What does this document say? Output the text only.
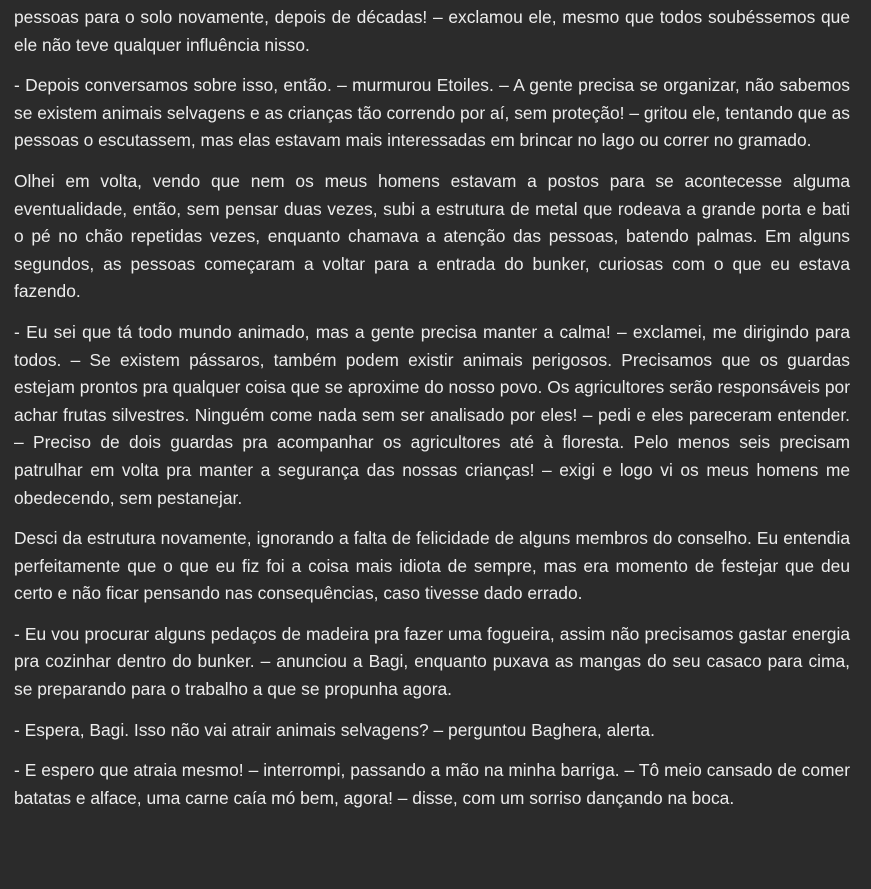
pessoas para o solo novamente, depois de décadas! – exclamou ele, mesmo que todos soubéssemos que ele não teve qualquer influência nisso.

- Depois conversamos sobre isso, então. – murmurou Etoiles. – A gente precisa se organizar, não sabemos se existem animais selvagens e as crianças tão correndo por aí, sem proteção! – gritou ele, tentando que as pessoas o escutassem, mas elas estavam mais interessadas em brincar no lago ou correr no gramado.

Olhei em volta, vendo que nem os meus homens estavam a postos para se acontecesse alguma eventualidade, então, sem pensar duas vezes, subi a estrutura de metal que rodeava a grande porta e bati o pé no chão repetidas vezes, enquanto chamava a atenção das pessoas, batendo palmas. Em alguns segundos, as pessoas começaram a voltar para a entrada do bunker, curiosas com o que eu estava fazendo.

- Eu sei que tá todo mundo animado, mas a gente precisa manter a calma! – exclamei, me dirigindo para todos. – Se existem pássaros, também podem existir animais perigosos. Precisamos que os guardas estejam prontos pra qualquer coisa que se aproxime do nosso povo. Os agricultores serão responsáveis por achar frutas silvestres. Ninguém come nada sem ser analisado por eles! – pedi e eles pareceram entender. – Preciso de dois guardas pra acompanhar os agricultores até à floresta. Pelo menos seis precisam patrulhar em volta pra manter a segurança das nossas crianças! – exigi e logo vi os meus homens me obedecendo, sem pestanejar.

Desci da estrutura novamente, ignorando a falta de felicidade de alguns membros do conselho. Eu entendia perfeitamente que o que eu fiz foi a coisa mais idiota de sempre, mas era momento de festejar que deu certo e não ficar pensando nas consequências, caso tivesse dado errado.

- Eu vou procurar alguns pedaços de madeira pra fazer uma fogueira, assim não precisamos gastar energia pra cozinhar dentro do bunker. – anunciou a Bagi, enquanto puxava as mangas do seu casaco para cima, se preparando para o trabalho a que se propunha agora.

- Espera, Bagi. Isso não vai atrair animais selvagens? – perguntou Baghera, alerta.

- E espero que atraia mesmo! – interrompi, passando a mão na minha barriga. – Tô meio cansado de comer batatas e alface, uma carne caía mó bem, agora! – disse, com um sorriso dançando na boca.
